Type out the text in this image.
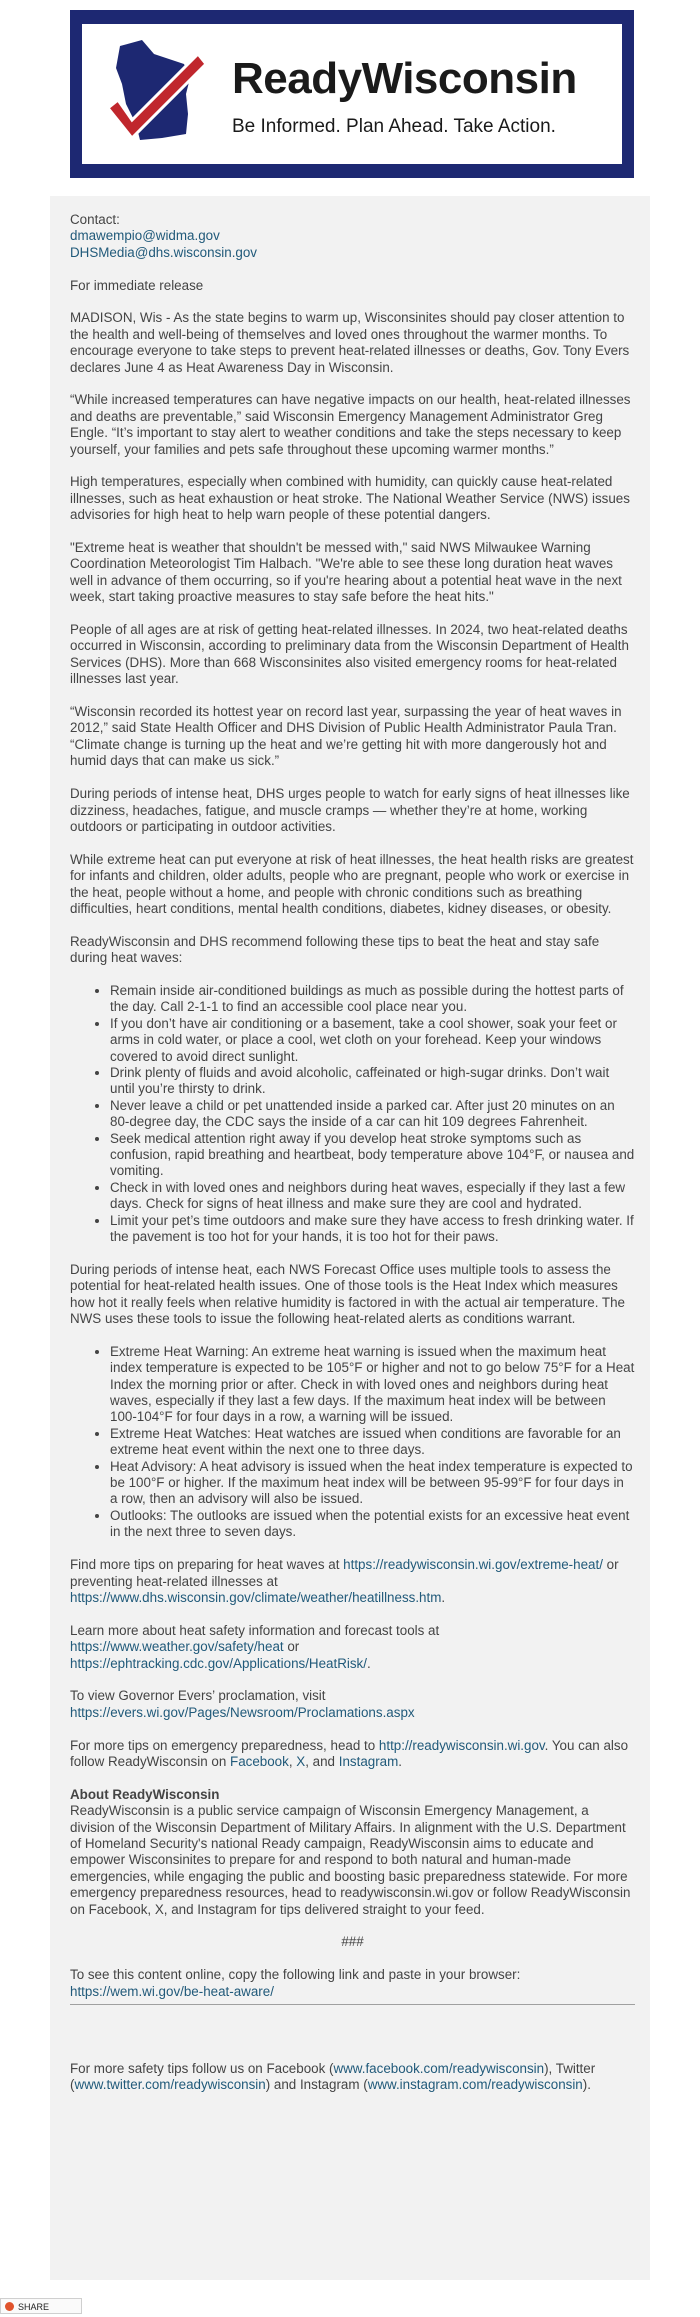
ReadyWisconsin
Be Informed. Plan Ahead. Take Action.

Contact:
dmawempio@widma.gov
DHSMedia@dhs.wisconsin.gov

For immediate release

MADISON, Wis - As the state begins to warm up, Wisconsinites should pay closer attention to the health and well-being of themselves and loved ones throughout the warmer months. To encourage everyone to take steps to prevent heat-related illnesses or deaths, Gov. Tony Evers declares June 4 as Heat Awareness Day in Wisconsin.

“While increased temperatures can have negative impacts on our health, heat-related illnesses and deaths are preventable,” said Wisconsin Emergency Management Administrator Greg Engle. “It’s important to stay alert to weather conditions and take the steps necessary to keep yourself, your families and pets safe throughout these upcoming warmer months.”

High temperatures, especially when combined with humidity, can quickly cause heat-related illnesses, such as heat exhaustion or heat stroke. The National Weather Service (NWS) issues advisories for high heat to help warn people of these potential dangers.

"Extreme heat is weather that shouldn't be messed with," said NWS Milwaukee Warning Coordination Meteorologist Tim Halbach. "We're able to see these long duration heat waves well in advance of them occurring, so if you're hearing about a potential heat wave in the next week, start taking proactive measures to stay safe before the heat hits."

People of all ages are at risk of getting heat-related illnesses. In 2024, two heat-related deaths occurred in Wisconsin, according to preliminary data from the Wisconsin Department of Health Services (DHS). More than 668 Wisconsinites also visited emergency rooms for heat-related illnesses last year.

“Wisconsin recorded its hottest year on record last year, surpassing the year of heat waves in 2012,” said State Health Officer and DHS Division of Public Health Administrator Paula Tran. “Climate change is turning up the heat and we’re getting hit with more dangerously hot and humid days that can make us sick.”

During periods of intense heat, DHS urges people to watch for early signs of heat illnesses like dizziness, headaches, fatigue, and muscle cramps — whether they’re at home, working outdoors or participating in outdoor activities.

While extreme heat can put everyone at risk of heat illnesses, the heat health risks are greatest for infants and children, older adults, people who are pregnant, people who work or exercise in the heat, people without a home, and people with chronic conditions such as breathing difficulties, heart conditions, mental health conditions, diabetes, kidney diseases, or obesity.

ReadyWisconsin and DHS recommend following these tips to beat the heat and stay safe during heat waves:

• Remain inside air-conditioned buildings as much as possible during the hottest parts of the day. Call 2-1-1 to find an accessible cool place near you.
• If you don’t have air conditioning or a basement, take a cool shower, soak your feet or arms in cold water, or place a cool, wet cloth on your forehead. Keep your windows covered to avoid direct sunlight.
• Drink plenty of fluids and avoid alcoholic, caffeinated or high-sugar drinks. Don’t wait until you’re thirsty to drink.
• Never leave a child or pet unattended inside a parked car. After just 20 minutes on an 80-degree day, the CDC says the inside of a car can hit 109 degrees Fahrenheit.
• Seek medical attention right away if you develop heat stroke symptoms such as confusion, rapid breathing and heartbeat, body temperature above 104°F, or nausea and vomiting.
• Check in with loved ones and neighbors during heat waves, especially if they last a few days. Check for signs of heat illness and make sure they are cool and hydrated.
• Limit your pet’s time outdoors and make sure they have access to fresh drinking water. If the pavement is too hot for your hands, it is too hot for their paws.

During periods of intense heat, each NWS Forecast Office uses multiple tools to assess the potential for heat-related health issues. One of those tools is the Heat Index which measures how hot it really feels when relative humidity is factored in with the actual air temperature. The NWS uses these tools to issue the following heat-related alerts as conditions warrant.

• Extreme Heat Warning: An extreme heat warning is issued when the maximum heat index temperature is expected to be 105°F or higher and not to go below 75°F for a Heat Index the morning prior or after. Check in with loved ones and neighbors during heat waves, especially if they last a few days. If the maximum heat index will be between 100-104°F for four days in a row, a warning will be issued.
• Extreme Heat Watches: Heat watches are issued when conditions are favorable for an extreme heat event within the next one to three days.
• Heat Advisory: A heat advisory is issued when the heat index temperature is expected to be 100°F or higher. If the maximum heat index will be between 95-99°F for four days in a row, then an advisory will also be issued.
• Outlooks: The outlooks are issued when the potential exists for an excessive heat event in the next three to seven days.

Find more tips on preparing for heat waves at https://readywisconsin.wi.gov/extreme-heat/ or preventing heat-related illnesses at https://www.dhs.wisconsin.gov/climate/weather/heatillness.htm.

Learn more about heat safety information and forecast tools at https://www.weather.gov/safety/heat or
https://ephtracking.cdc.gov/Applications/HeatRisk/.

To view Governor Evers’ proclamation, visit
https://evers.wi.gov/Pages/Newsroom/Proclamations.aspx

For more tips on emergency preparedness, head to http://readywisconsin.wi.gov. You can also follow ReadyWisconsin on Facebook, X, and Instagram.

About ReadyWisconsin
ReadyWisconsin is a public service campaign of Wisconsin Emergency Management, a division of the Wisconsin Department of Military Affairs. In alignment with the U.S. Department of Homeland Security's national Ready campaign, ReadyWisconsin aims to educate and empower Wisconsinites to prepare for and respond to both natural and human-made emergencies, while engaging the public and boosting basic preparedness statewide. For more emergency preparedness resources, head to readywisconsin.wi.gov or follow ReadyWisconsin on Facebook, X, and Instagram for tips delivered straight to your feed.

###

To see this content online, copy the following link and paste in your browser:
https://wem.wi.gov/be-heat-aware/

For more safety tips follow us on Facebook (www.facebook.com/readywisconsin), Twitter (www.twitter.com/readywisconsin) and Instagram (www.instagram.com/readywisconsin).

SHARE
